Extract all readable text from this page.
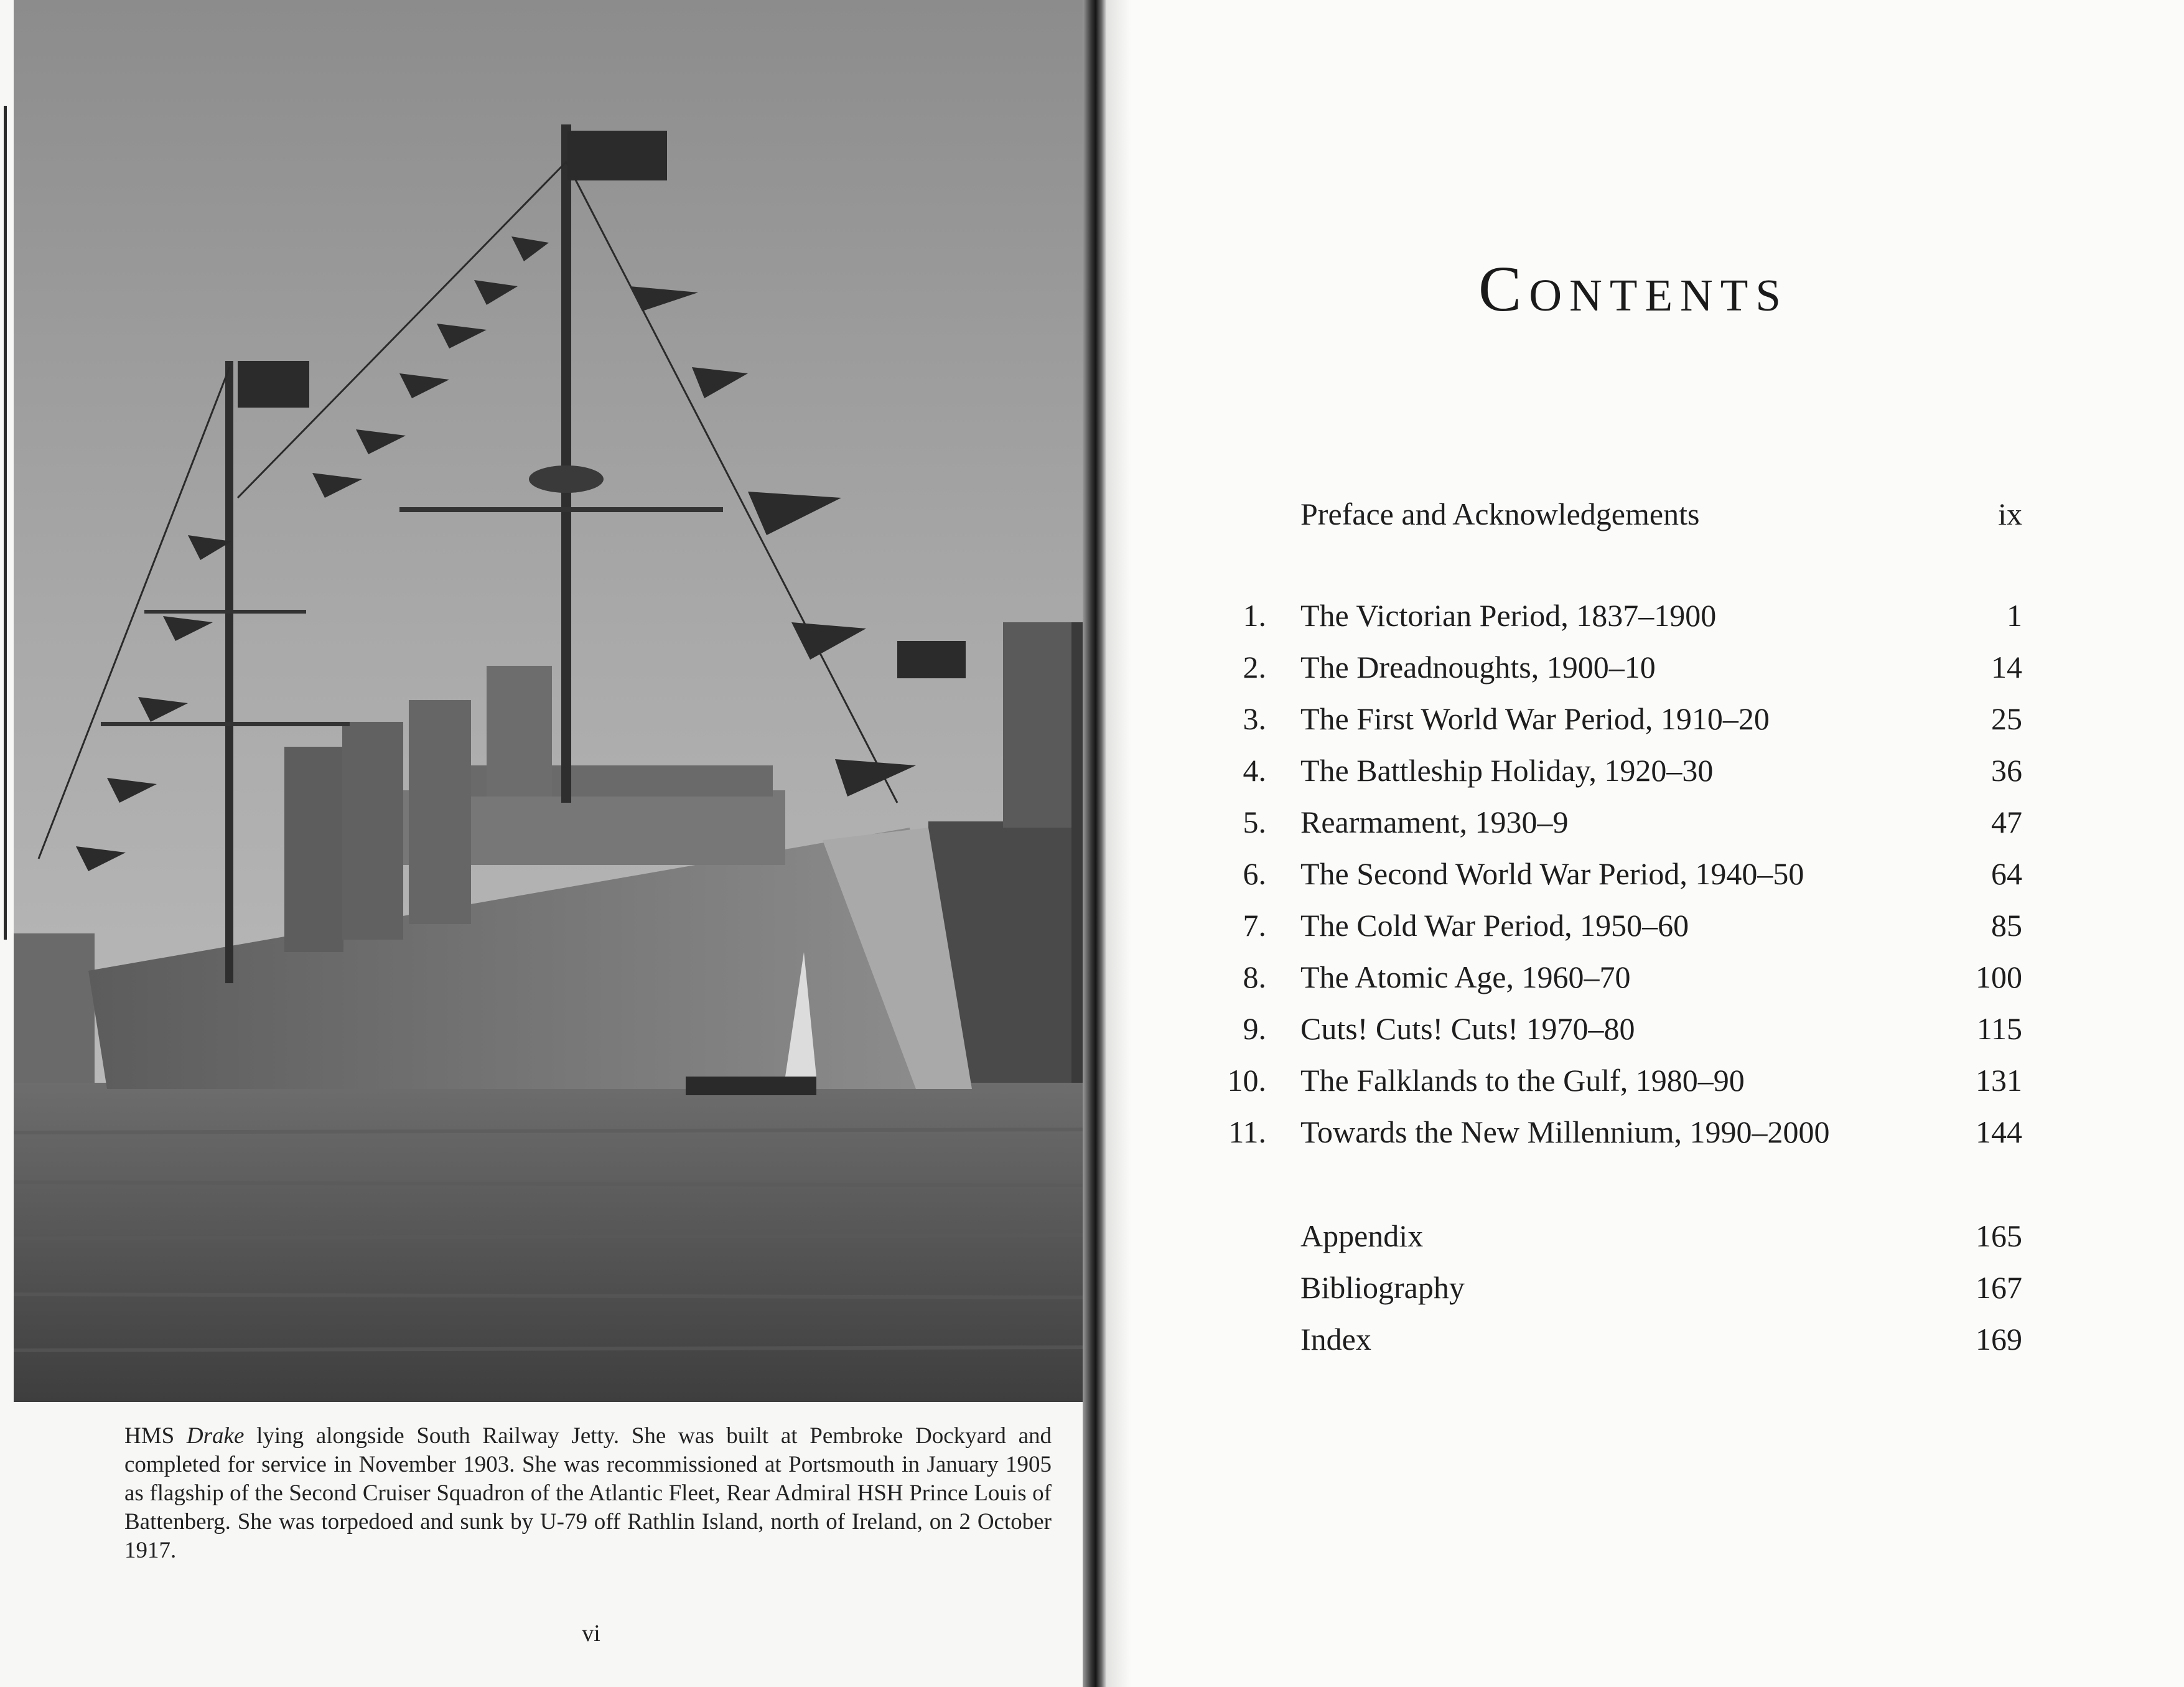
HMS Drake lying alongside South Railway Jetty. She was built at Pembroke Dockyard and completed for service in November 1903. She was recommissioned at Portsmouth in January 1905 as flagship of the Second Cruiser Squadron of the Atlantic Fleet, Rear Admiral HSH Prince Louis of Battenberg. She was torpedoed and sunk by U-79 off Rathlin Island, north of Ireland, on 2 October 1917.
vi
Contents
Preface and Acknowledgements	ix
1. The Victorian Period, 1837–1900	1
2. The Dreadnoughts, 1900–10	14
3. The First World War Period, 1910–20	25
4. The Battleship Holiday, 1920–30	36
5. Rearmament, 1930–9	47
6. The Second World War Period, 1940–50	64
7. The Cold War Period, 1950–60	85
8. The Atomic Age, 1960–70	100
9. Cuts! Cuts! Cuts! 1970–80	115
10. The Falklands to the Gulf, 1980–90	131
11. Towards the New Millennium, 1990–2000	144
Appendix	165
Bibliography	167
Index	169
